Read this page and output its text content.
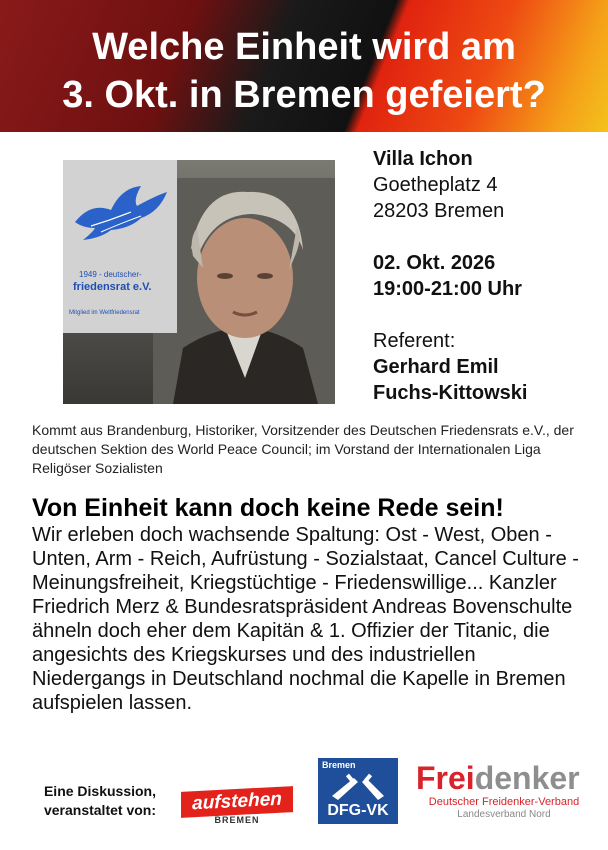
Welche Einheit wird am
3. Okt. in Bremen gefeiert?
1949 - deutscher-
friedensrat e.V.
Mitglied im Weltfriedensrat
Villa Ichon
Goetheplatz 4
28203 Bremen
02. Okt. 2026
19:00-21:00 Uhr
Referent:
Gerhard Emil
Fuchs-Kittowski
Kommt aus Brandenburg, Historiker, Vorsitzender des Deutschen Friedensrats e.V., der deutschen Sektion des World Peace Council; im Vorstand der Internationalen Liga Religöser Sozialisten
Von Einheit kann doch keine Rede sein!
Wir erleben doch wachsende Spaltung: Ost - West, Oben - Unten, Arm - Reich, Aufrüstung - Sozialstaat, Cancel Culture - Meinungsfreiheit, Kriegstüchtige - Friedenswillige... Kanzler Friedrich Merz & Bundesratspräsident Andreas Bovenschulte ähneln doch eher dem Kapitän & 1. Offizier der Titanic, die angesichts des Kriegskurses und des industriellen Niedergangs in Deutschland nochmal die Kapelle in Bremen aufspielen lassen.
Eine Diskussion,
veranstaltet von:	aufstehen
BREMEN
Bremen
DFG-VK
Freidenker
Deutscher Freidenker-Verband
Landesverband Nord
